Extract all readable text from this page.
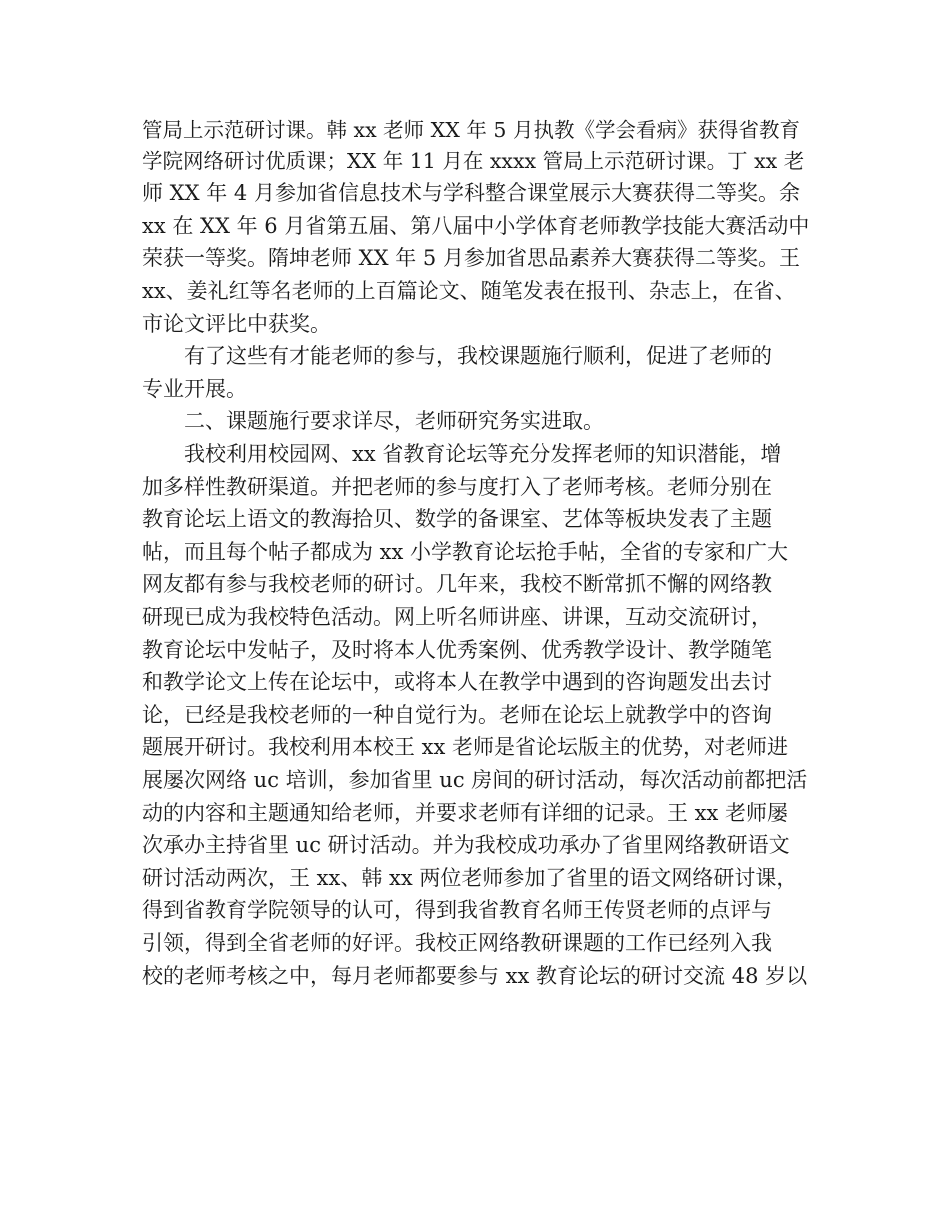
管局上示范研讨课。韩 xx 老师 XX 年 5 月执教《学会看病》获得省教育
学院网络研讨优质课；XX 年 11 月在 xxxx 管局上示范研讨课。丁 xx 老
师 XX 年 4 月参加省信息技术与学科整合课堂展示大赛获得二等奖。余
xx 在 XX 年 6 月省第五届、第八届中小学体育老师教学技能大赛活动中
荣获一等奖。隋坤老师 XX 年 5 月参加省思品素养大赛获得二等奖。王
xx、姜礼红等名老师的上百篇论文、随笔发表在报刊、杂志上，在省、
市论文评比中获奖。
有了这些有才能老师的参与，我校课题施行顺利，促进了老师的
专业开展。
二、课题施行要求详尽，老师研究务实进取。
我校利用校园网、xx 省教育论坛等充分发挥老师的知识潜能，增
加多样性教研渠道。并把老师的参与度打入了老师考核。老师分别在
教育论坛上语文的教海拾贝、数学的备课室、艺体等板块发表了主题
帖，而且每个帖子都成为 xx 小学教育论坛抢手帖，全省的专家和广大
网友都有参与我校老师的研讨。几年来，我校不断常抓不懈的网络教
研现已成为我校特色活动。网上听名师讲座、讲课，互动交流研讨，
教育论坛中发帖子，及时将本人优秀案例、优秀教学设计、教学随笔
和教学论文上传在论坛中，或将本人在教学中遇到的咨询题发出去讨
论，已经是我校老师的一种自觉行为。老师在论坛上就教学中的咨询
题展开研讨。我校利用本校王 xx 老师是省论坛版主的优势，对老师进
展屡次网络 uc 培训，参加省里 uc 房间的研讨活动，每次活动前都把活
动的内容和主题通知给老师，并要求老师有详细的记录。王 xx 老师屡
次承办主持省里 uc 研讨活动。并为我校成功承办了省里网络教研语文
研讨活动两次，王 xx、韩 xx 两位老师参加了省里的语文网络研讨课，
得到省教育学院领导的认可，得到我省教育名师王传贤老师的点评与
引领，得到全省老师的好评。我校正网络教研课题的工作已经列入我
校的老师考核之中，每月老师都要参与 xx 教育论坛的研讨交流 48 岁以
